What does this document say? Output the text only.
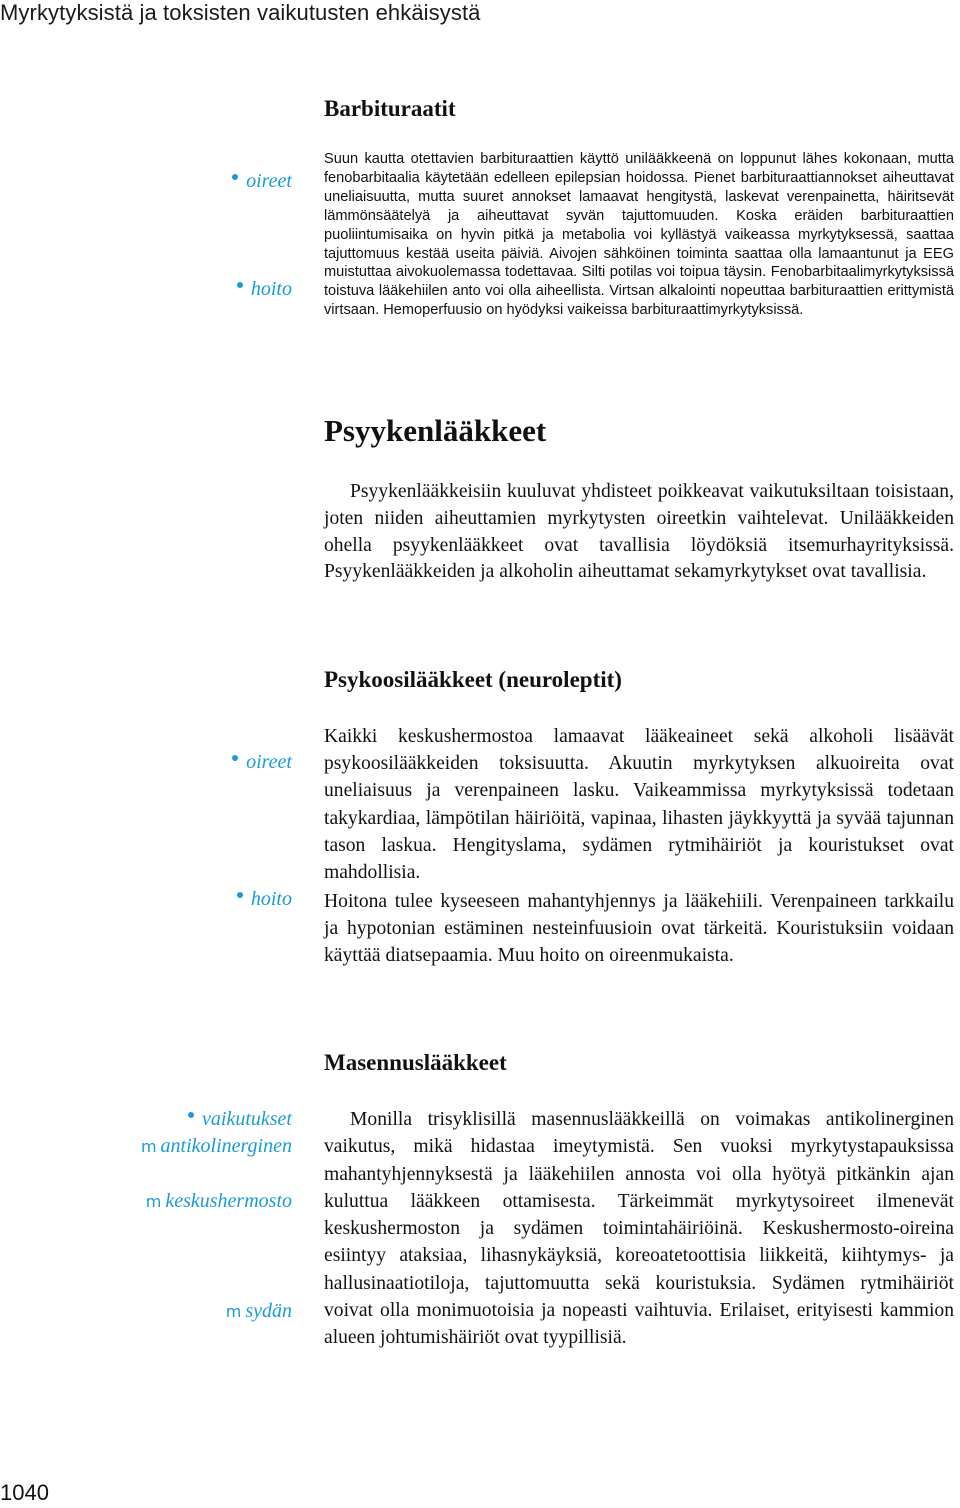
Myrkytyksistä ja toksisten vaikutusten ehkäisystä
Barbituraatit
oireet
hoito

Suun kautta otettavien barbituraattien käyttö unilääkkeenä on loppunut lähes kokonaan, mutta fenobarbitaalia käytetään edelleen epilepsian hoidossa. Pienet barbituraattiannokset aiheuttavat uneliaisuutta, mutta suuret annokset lamaavat hengitystä, laskevat verenpainetta, häiritsevät lämmönsäätelyä ja aiheuttavat syvän tajuttomuuden. Koska eräiden barbituraattien puoliintumisaika on hyvin pitkä ja metabolia voi kyllästyä vaikeassa myrkytyksessä, saattaa tajuttomuus kestää useita päiviä. Aivojen sähköinen toiminta saattaa olla lamaantunut ja EEG muistuttaa aivokuolemassa todettavaa. Silti potilas voi toipua täysin. Fenobarbitaalimyrkytyksissä toistuva lääkehiilen anto voi olla aiheellista. Virtsan alkalointi nopeuttaa barbituraattien erittymistä virtsaan. Hemoperfuusio on hyödyksi vaikeissa barbituraattimyrkytyksissä.

Psyykenlääkkeet

Psyykenlääkkeisiin kuuluvat yhdisteet poikkeavat vaikutuksiltaan toisistaan, joten niiden aiheuttamien myrkytysten oireetkin vaihtelevat. Unilääkkeiden ohella psyykenlääkkeet ovat tavallisia löydöksiä itsemurhayrityksissä. Psyykenlääkkeiden ja alkoholin aiheuttamat sekamyrkytykset ovat tavallisia.

Psykoosilääkkeet (neuroleptit)
oireet
hoito

Kaikki keskushermostoa lamaavat lääkeaineet sekä alkoholi lisäävät psykoosilääkkeiden toksisuutta. Akuutin myrkytyksen alkuoireita ovat uneliaisuus ja verenpaineen lasku. Vaikeammissa myrkytyksissä todetaan takykardiaa, lämpötilan häiriöitä, vapinaa, lihasten jäykkyyttä ja syvää tajunnan tason laskua. Hengityslama, sydämen rytmihäiriöt ja kouristukset ovat mahdollisia.

Hoitona tulee kyseeseen mahantyhjennys ja lääkehiili. Verenpaineen tarkkailu ja hypotonian estäminen nesteinfuusioin ovat tärkeitä. Kouristuksiin voidaan käyttää diatsepaamia. Muu hoito on oireenmukaista.

Masennuslääkkeet
vaikutukset
m antikolinerginen
m keskushermosto
m sydän

Monilla trisyklisillä masennuslääkkeillä on voimakas antikolinerginen vaikutus, mikä hidastaa imeytymistä. Sen vuoksi myrkytystapauksissa mahantyhjennyksestä ja lääkehiilen annosta voi olla hyötyä pitkänkin ajan kuluttua lääkkeen ottamisesta. Tärkeimmät myrkytysoireet ilmenevät keskushermoston ja sydämen toimintahäiriöinä. Keskushermosto-oireina esiintyy ataksiaa, lihasnykäyksiä, koreoatetoottisia liikkeitä, kiihtymys- ja hallusinaatiotiloja, tajuttomuutta sekä kouristuksia. Sydämen rytmihäiriöt voivat olla monimuotoisia ja nopeasti vaihtuvia. Erilaiset, erityisesti kammion alueen johtumishäiriöt ovat tyypillisiä.

1040
